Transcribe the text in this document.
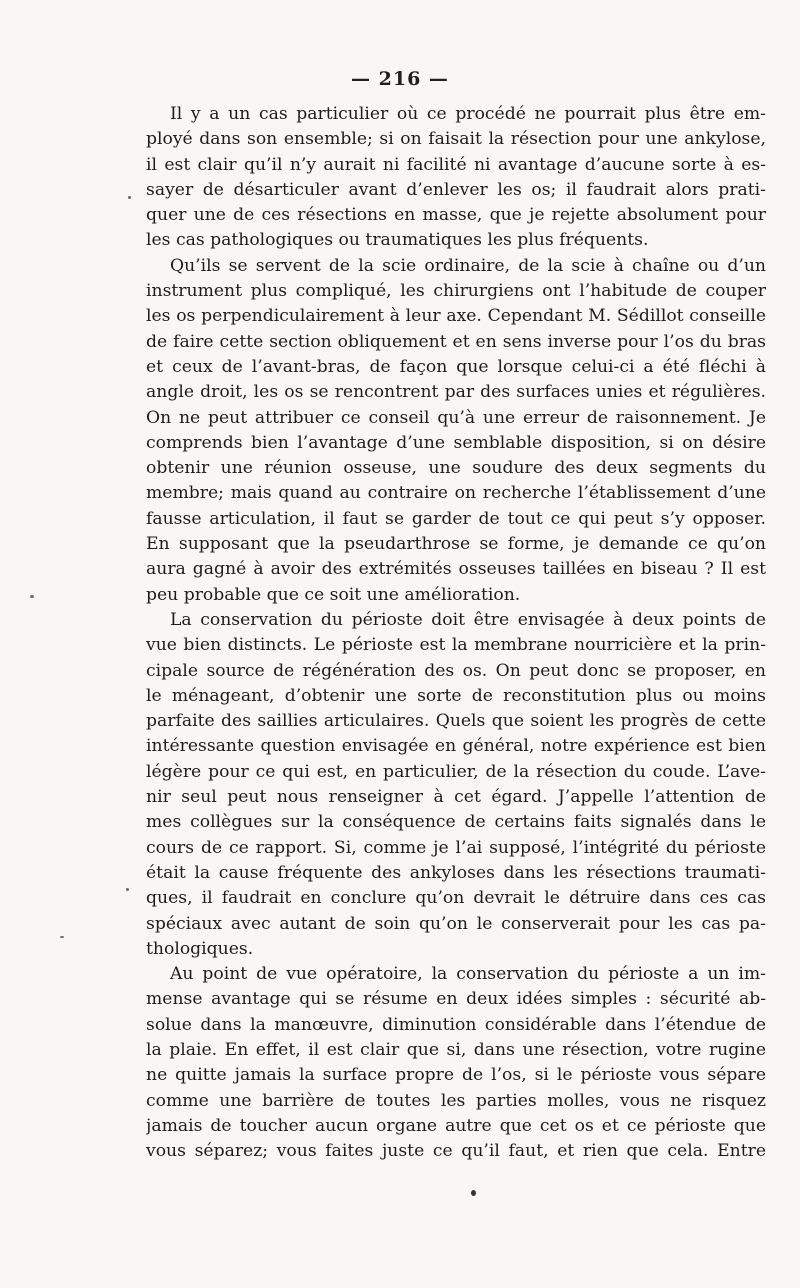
— 216 —
Il y a un cas particulier où ce procédé ne pourrait plus être em-
ployé dans son ensemble; si on faisait la résection pour une ankylose,
il est clair qu’il n’y aurait ni facilité ni avantage d’aucune sorte à es-
sayer de désarticuler avant d’enlever les os; il faudrait alors prati-
quer une de ces résections en masse, que je rejette absolument pour
les cas pathologiques ou traumatiques les plus fréquents.
Qu’ils se servent de la scie ordinaire, de la scie à chaîne ou d’un
instrument plus compliqué, les chirurgiens ont l’habitude de couper
les os perpendiculairement à leur axe. Cependant M. Sédillot conseille
de faire cette section obliquement et en sens inverse pour l’os du bras
et ceux de l’avant-bras, de façon que lorsque celui-ci a été fléchi à
angle droit, les os se rencontrent par des surfaces unies et régulières.
On ne peut attribuer ce conseil qu’à une erreur de raisonnement. Je
comprends bien l’avantage d’une semblable disposition, si on désire
obtenir une réunion osseuse, une soudure des deux segments du
membre; mais quand au contraire on recherche l’établissement d’une
fausse articulation, il faut se garder de tout ce qui peut s’y opposer.
En supposant que la pseudarthrose se forme, je demande ce qu’on
aura gagné à avoir des extrémités osseuses taillées en biseau ? Il est
peu probable que ce soit une amélioration.
La conservation du périoste doit être envisagée à deux points de
vue bien distincts. Le périoste est la membrane nourricière et la prin-
cipale source de régénération des os. On peut donc se proposer, en
le ménageant, d’obtenir une sorte de reconstitution plus ou moins
parfaite des saillies articulaires. Quels que soient les progrès de cette
intéressante question envisagée en général, notre expérience est bien
légère pour ce qui est, en particulier, de la résection du coude. L’ave-
nir seul peut nous renseigner à cet égard. J’appelle l’attention de
mes collègues sur la conséquence de certains faits signalés dans le
cours de ce rapport. Si, comme je l’ai supposé, l’intégrité du périoste
était la cause fréquente des ankyloses dans les résections traumati-
ques, il faudrait en conclure qu’on devrait le détruire dans ces cas
spéciaux avec autant de soin qu’on le conserverait pour les cas pa-
thologiques.
Au point de vue opératoire, la conservation du périoste a un im-
mense avantage qui se résume en deux idées simples : sécurité ab-
solue dans la manœuvre, diminution considérable dans l’étendue de
la plaie. En effet, il est clair que si, dans une résection, votre rugine
ne quitte jamais la surface propre de l’os, si le périoste vous sépare
comme une barrière de toutes les parties molles, vous ne risquez
jamais de toucher aucun organe autre que cet os et ce périoste que
vous séparez; vous faites juste ce qu’il faut, et rien que cela. Entre
